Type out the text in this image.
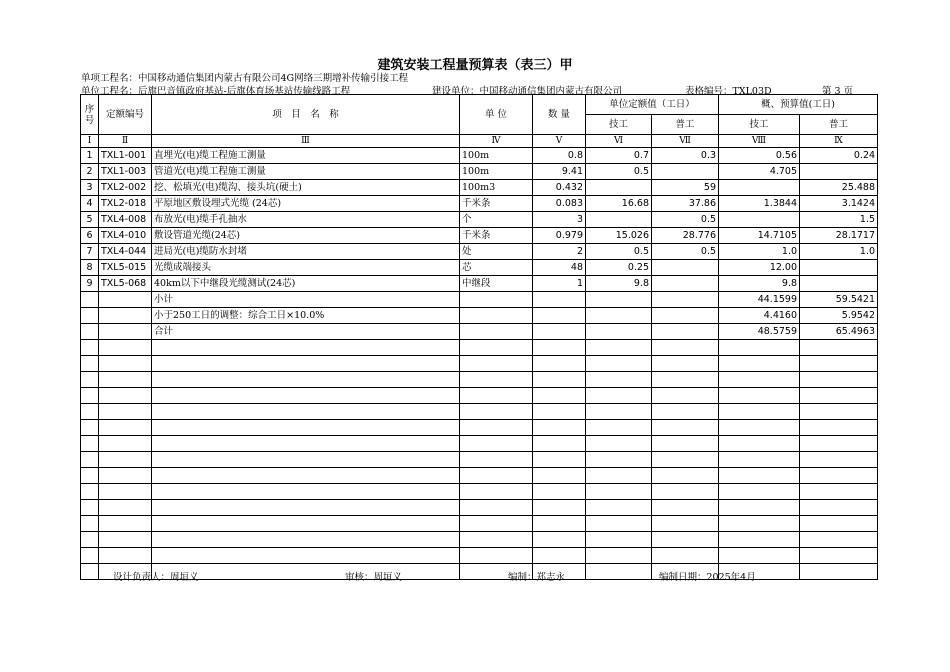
建筑安装工程量预算表（表三）甲
单项工程名：中国移动通信集团内蒙古有限公司4G网络三期增补传输引接工程
单位工程名：后旗巴音镇政府基站-后旗体育场基站传输线路工程	建设单位：中国移动通信集团内蒙古有限公司	表格编号：TXL03D	第 3 页
序号	定额编号	项　目　名　称	单 位	数 量	单位定额值（工日）		概、预算值(工日)	
					技工	普工	技工	普工
Ⅰ	Ⅱ	Ⅲ	Ⅳ	Ⅴ	Ⅵ	Ⅶ	Ⅷ	Ⅸ
1	TXL1-001	直埋光(电)缆工程施工测量	100m	0.8	0.7	0.3	0.56	0.24
2	TXL1-003	管道光(电)缆工程施工测量	100m	9.41	0.5		4.705	
3	TXL2-002	挖、松填光(电)缆沟、接头坑(硬土)	100m3	0.432		59		25.488
4	TXL2-018	平原地区敷设埋式光缆 (24芯)	千米条	0.083	16.68	37.86	1.3844	3.1424
5	TXL4-008	布放光(电)缆手孔抽水	个	3		0.5		1.5
6	TXL4-010	敷设管道光缆(24芯)	千米条	0.979	15.026	28.776	14.7105	28.1717
7	TXL4-044	进局光(电)缆防水封堵	处	2	0.5	0.5	1.0	1.0
8	TXL5-015	光缆成端接头	芯	48	0.25		12.00	
9	TXL5-068	40km以下中继段光缆测试(24芯)	中继段	1	9.8		9.8	
		小计					44.1599	59.5421
		小于250工日的调整：综合工日×10.0%					4.4160	5.9542
		合计					48.5759	65.4963

设计负责人：周垣义	审核：周垣义	编制：郑志永	编制日期：2025年4月
